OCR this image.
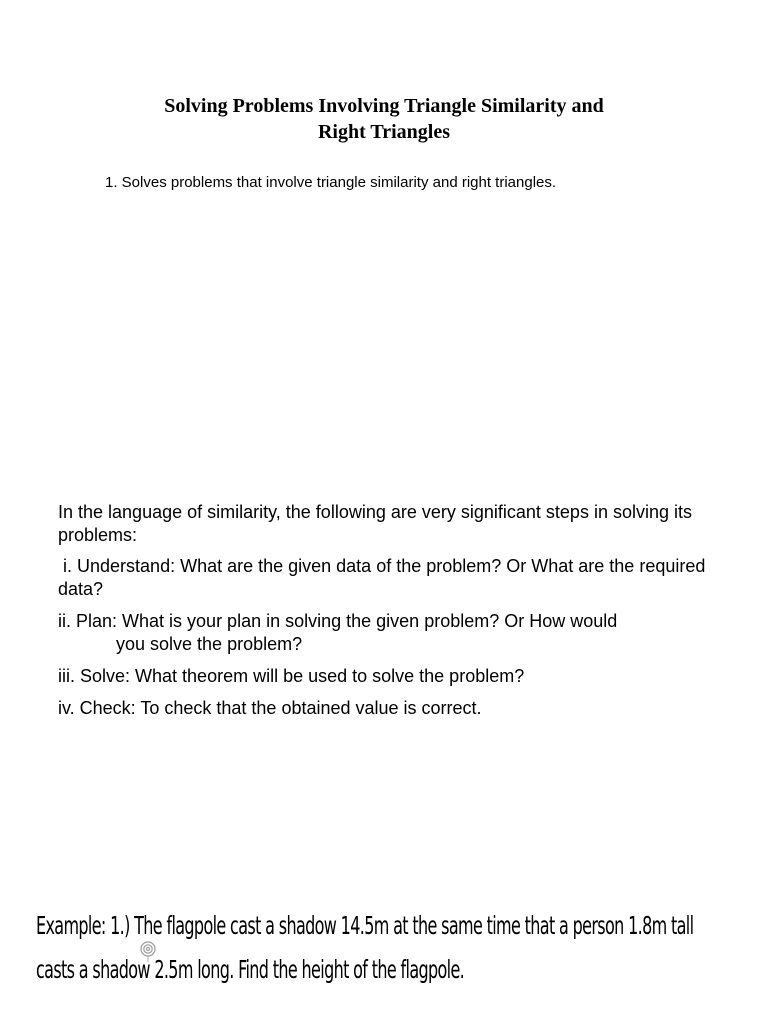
Solving Problems Involving Triangle Similarity and
Right Triangles
1. Solves problems that involve triangle similarity and right triangles.

In the language of similarity, the following are very significant steps in solving its problems:

i. Understand: What are the given data of the problem? Or What are the required data?

ii. Plan: What is your plan in solving the given problem? Or How would
you solve the problem?

iii. Solve: What theorem will be used to solve the problem?

iv. Check: To check that the obtained value is correct.

Example: 1.) The flagpole cast a shadow 14.5m at the same time that a person 1.8m tall
casts a shadow 2.5m long. Find the height of the flagpole.
